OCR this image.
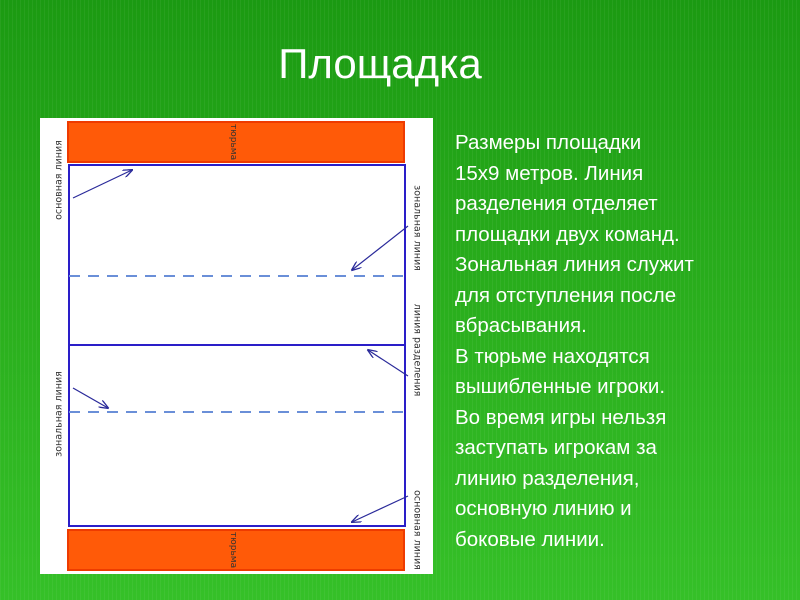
Площадка
тюрьма
тюрьма
основная линия
зональная линия
зональная линия
линия разделения
основная линия
Размеры площадки
15х9 метров. Линия
разделения отделяет
площадки двух команд.
Зональная линия служит
для отступления после
вбрасывания.
В тюрьме находятся
вышибленные игроки.
Во время игры нельзя
заступать игрокам за
линию разделения,
основную линию и
боковые линии.
